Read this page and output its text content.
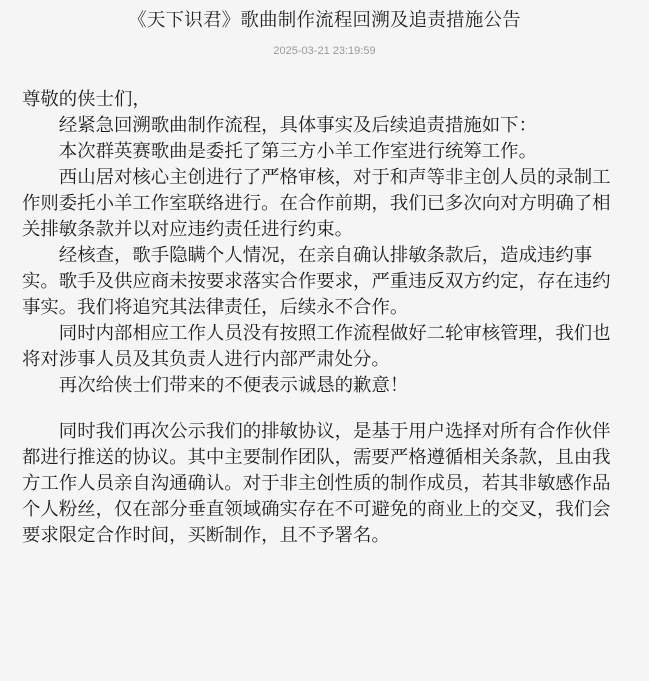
《天下识君》歌曲制作流程回溯及追责措施公告
2025-03-21 23:19:59

尊敬的侠士们，

经紧急回溯歌曲制作流程，具体事实及后续追责措施如下：

本次群英赛歌曲是委托了第三方小羊工作室进行统筹工作。

西山居对核心主创进行了严格审核，对于和声等非主创人员的录制工作则委托小羊工作室联络进行。在合作前期，我们已多次向对方明确了相关排敏条款并以对应违约责任进行约束。

经核查，歌手隐瞒个人情况，在亲自确认排敏条款后，造成违约事实。歌手及供应商未按要求落实合作要求，严重违反双方约定，存在违约事实。我们将追究其法律责任，后续永不合作。

同时内部相应工作人员没有按照工作流程做好二轮审核管理，我们也将对涉事人员及其负责人进行内部严肃处分。

再次给侠士们带来的不便表示诚恳的歉意！

同时我们再次公示我们的排敏协议，是基于用户选择对所有合作伙伴都进行推送的协议。其中主要制作团队，需要严格遵循相关条款，且由我方工作人员亲自沟通确认。对于非主创性质的制作成员，若其非敏感作品个人粉丝，仅在部分垂直领域确实存在不可避免的商业上的交叉，我们会要求限定合作时间，买断制作，且不予署名。
